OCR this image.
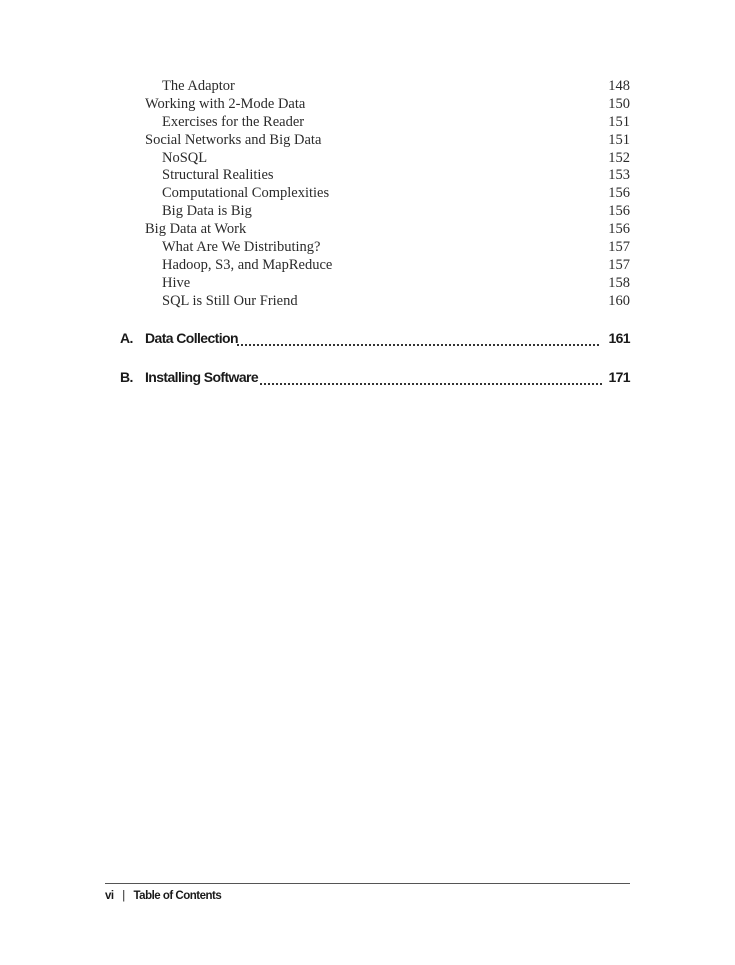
The Adaptor	148
Working with 2-Mode Data	150
Exercises for the Reader	151
Social Networks and Big Data	151
NoSQL	152
Structural Realities	153
Computational Complexities	156
Big Data is Big	156
Big Data at Work	156
What Are We Distributing?	157
Hadoop, S3, and MapReduce	157
Hive	158
SQL is Still Our Friend	160
A. Data Collection	161
B. Installing Software	171
vi | Table of Contents
